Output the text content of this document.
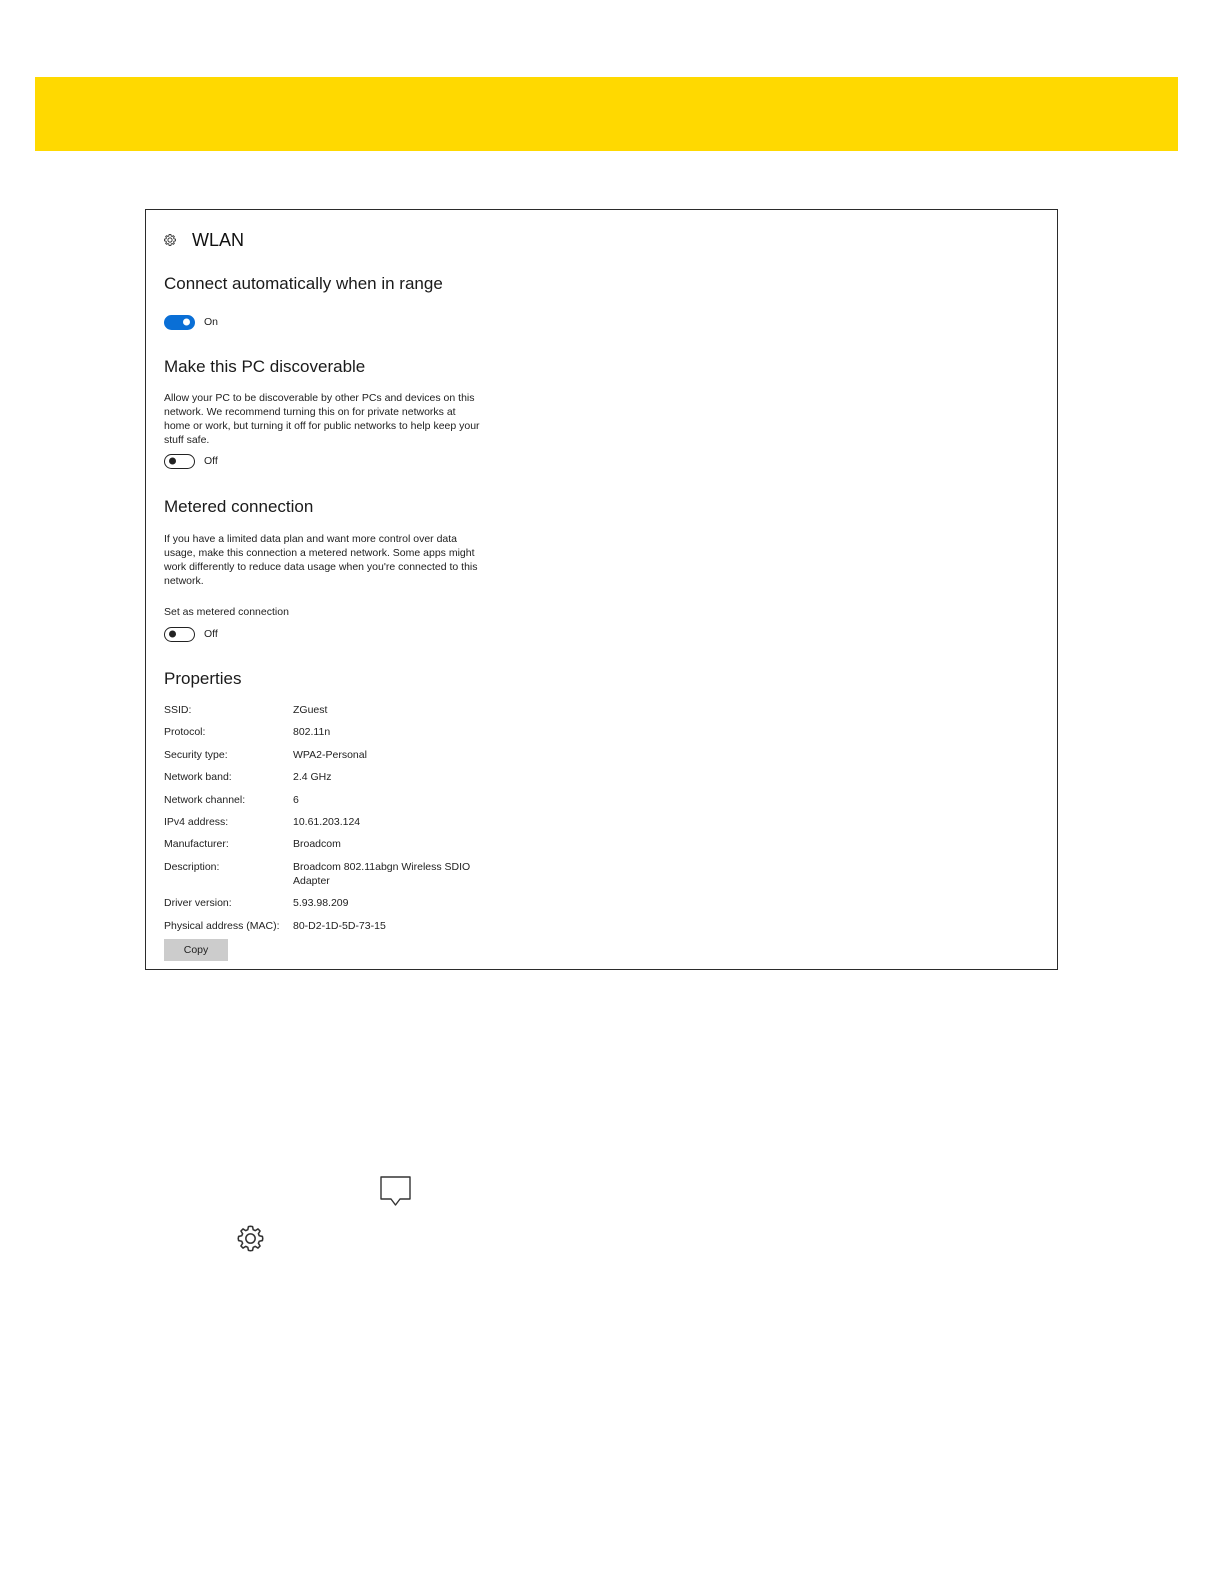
WLAN
Connect automatically when in range
On
Make this PC discoverable

Allow your PC to be discoverable by other PCs and devices on this network. We recommend turning this on for private networks at home or work, but turning it off for public networks to help keep your stuff safe.

Off
Metered connection

If you have a limited data plan and want more control over data usage, make this connection a metered network. Some apps might work differently to reduce data usage when you're connected to this network.

Set as metered connection
Off
Properties
SSID:	ZGuest
Protocol:	802.11n
Security type:	WPA2-Personal
Network band:	2.4 GHz
Network channel:	6
IPv4 address:	10.61.203.124
Manufacturer:	Broadcom
Description:	Broadcom 802.11abgn Wireless SDIO Adapter
Driver version:	5.93.98.209
Physical address (MAC):	80-D2-1D-5D-73-15
Copy
